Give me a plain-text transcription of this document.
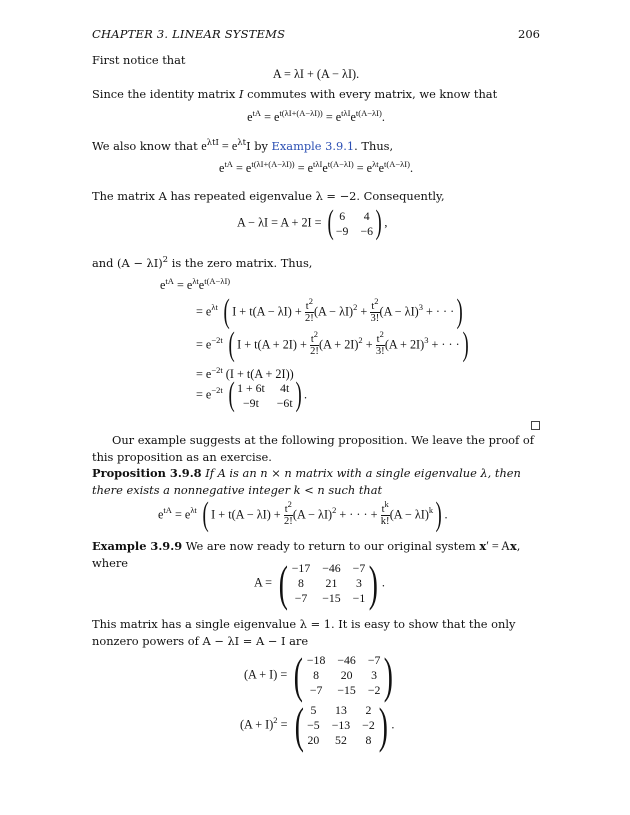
CHAPTER 3. LINEAR SYSTEMS	206
First notice that
A = λI + (A − λI).
Since the identity matrix I commutes with every matrix, we know that
$e^{tA} = e^{t(\lambda I+(A-\lambda I))} = e^{t\lambda I}e^{t(A-\lambda I)}$.
We also know that $e^{\lambda tI} = e^{\lambda t}I$ by Example 3.9.1. Thus,
$e^{tA} = e^{t(\lambda I+(A-\lambda I))} = e^{t\lambda I}e^{t(A-\lambda I)} = e^{\lambda t}e^{t(A-\lambda I)}$.
The matrix A has repeated eigenvalue λ = −2. Consequently,
A − λI = A + 2I = ( 6 4
−9 −6 ) ,
and $(A - \lambda I)^2$ is the zero matrix. Thus,
$e^{tA} = e^{\lambda t}e^{t(A-\lambda I)}$
= $e^{\lambda t}$ ( $I + t(A - \lambda I) + \frac{t^2}{2!} (A - \lambda I)^2 + \frac{t^2}{3!} (A - \lambda I)^3$ + · · ·)
= $e^{-2t}$ ( $I + t(A + 2I) + \frac{t^2}{2!} (A + 2I)^2 + \frac{t^2}{3!} (A + 2I)^3$ + · · ·)
= $e^{-2t}$ (I + t(A + 2I))
= $e^{-2t}$ ( 1 + 6t 4t
−9t	−6t ) .
Our example suggests at the following proposition. We leave the proof of this proposition as an exercise.
Proposition 3.9.8 If A is an n × n matrix with a single eigenvalue λ, then there exists a nonnegative integer k < n such that
$e^{tA} = e^{\lambda t}$ ( $I + t(A - \lambda I) + \frac{t^2}{2!} (A - \lambda I)^2$ + · · · + $\frac{t^k}{k!} (A - \lambda I)^k$) .
Example 3.9.9 We are now ready to return to our original system x′ = Ax, where
A = ( −17 −46 −7
8	21 3
−7 −15 −1 ) .
This matrix has a single eigenvalue λ = 1. It is easy to show that the only nonzero powers of A − λI = A − I are
(A + I) = ( −18 −46 −7
8	20 3
−7 −15 −2 )
$(A + I)^2$ = ( 5 13 2
−5 −13 −2
20 52 8 ) .
